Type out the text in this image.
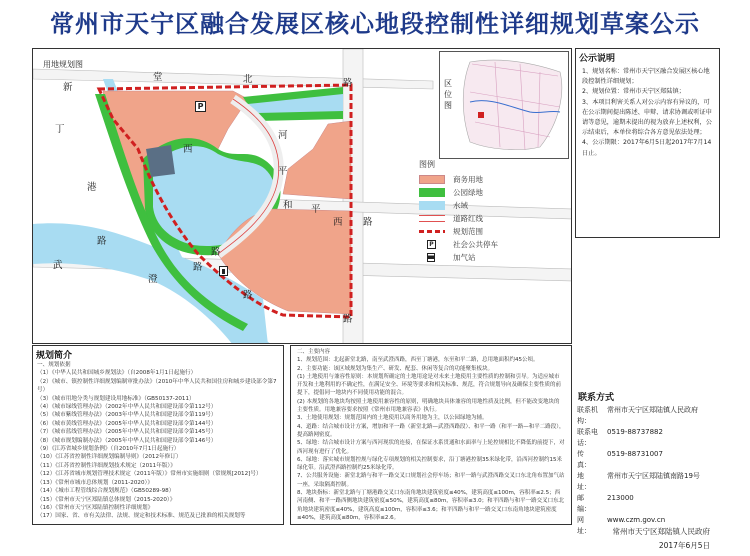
常州市天宁区融合发展区核心地段控制性详细规划草案公示
用地规划图
新
堂	北	路
丁
港
路
西
河
平
和
武
澄
路
路
路
平
西 路
路
P
区位图
图例
商务用地
公园绿地
水域
道路红线
规划范围
P	社会公共停车
加气站
公示说明
1、规划名称：常州市天宁区融合发展区核心地段控制性详细规划；
2、规划位置：常州市天宁区郑陆镇；
3、本项目利害关系人对公示内容有异议的，可在公示期间提出陈述、申辩、请求协调或听证申请等意见，逾期未提出的视为放弃上述权利，公示结束后，本单位将综合各方意见依法处理；
4、公示期限：2017年6月5日起2017年7月14日止。
联系方式
联系机构：
常州市天宁区郑陆镇人民政府
联系电话：
0519-88737882
传　　真：
0519-88731007
地　　址：
常州市天宁区郑陆镇南路19号
邮　　编：
213000
网　　址：
www.czm.gov.cn
常州市天宁区郑陆镇人民政府
2017年6月5日
规划简介
一、规划依据
（1）《中华人民共和国城乡规划法》（自2008年1月1日起施行）
（2）《城市、镇控制性详细规划编制审批办法》（2010年中华人民共和国住房和城乡建设部令第7号）
（3）《城市用地分类与规划建设用地标准》（GB50137-2011）
（4）《城市绿线管理办法》（2002年中华人民共和国建设部令第112号）
（5）《城市紫线管理办法》（2003年中华人民共和国建设部令第119号）
（6）《城市黄线管理办法》（2005年中华人民共和国建设部令第144号）
（7）《城市蓝线管理办法》（2005年中华人民共和国建设部令第145号）
（8）《城市规划编制办法》（2005年中华人民共和国建设部令第146号）
（9）《江苏省城乡规划条例》（自2010年7月1日起施行）
（10）《江苏省控制性详细规划编制导则》（2012年修订）
（11）《江苏省控制性详细规划技术规定（2011年版）》
（12）《江苏省城市规划管理技术规定（2011年版）》常州市实施细则（常规规[2012]号）
（13）《常州市城市总体规划（2011-2020）》
（14）《城市工程管线综合规划规范》（GB50289-98）
（15）《常州市天宁区郑陆镇总体规划（2015-2020）》
（16）《常州市天宁区郑陆镇控制性详细规划》
（17）国家、省、市有关法律、法规、规定和技术标准、规范及已批准的相关规划等
二、主要内容
1、规划范围：北起新堂北路，南至武澄西路，西至丁塘港，东至和平二路，总用地面积约45公顷。
2、主要功能：该区域规划为集生产、研发、配套、休闲等复合的功能聚集板块。
(1) 土地使用与兼容性原则：本规划所确定的土地用途是对未来土地使用主要性质的控制和引导。为适应城市开发和土地利用的不确定性，在满足安全、环境等要求和相关标准、规范，符合规划导向及确保主要性质的前提下，提倡同一地块内不同使用功能的混合。
(2) 本规划的各地块均按照土地使用兼容性的原则，明确地块具体兼容的用地性质及比例，但不能改变地块的主要性质。用地兼容要求按照《常州市用地兼容表》执行。
3、土地使用规划：规划范围内的土地使用以商务用地为主，以公园绿地为辅。
4、道路：结合城市设计方案，增加和平一路（新堂北路—武澄西路段）、和平一路（和平一路—和平二路段），提高路网密度。
5、绿地：结合城市设计方案与西河现状的连接，在保证水系贯通和水面率与上轮控规相比不降低的前提下，对西河现有进行了优化。
6、绿地：落实城市规划控规与绿化专项规划的相关控制要求，沿丁塘港控制35米绿化带，沿西河控制约15米绿化带。沿武澄西路控制约25米绿化带。
7、公共服务设施：新堂北路与和平一路交叉口规划社会停车场；和平一路与武澄西路交叉口东北角布置加气站一座，采取隔离控制。
8、地块指标：新堂北路与丁塘港路交叉口东南角地块建筑密度≤40%，建筑高度≤100m，容积率≤2.5；西河南侧、和平一路西侧地块建筑密度≤50%，建筑高度≤80m，容积率≤3.0；和平四路与和平一路交叉口东北角地块建筑密度≤40%，建筑高度≤100m，容积率≤3.6；和平四路与和平一路交叉口东南角地块建筑密度≤40%，建筑高度≤80m，容积率≤2.6。
